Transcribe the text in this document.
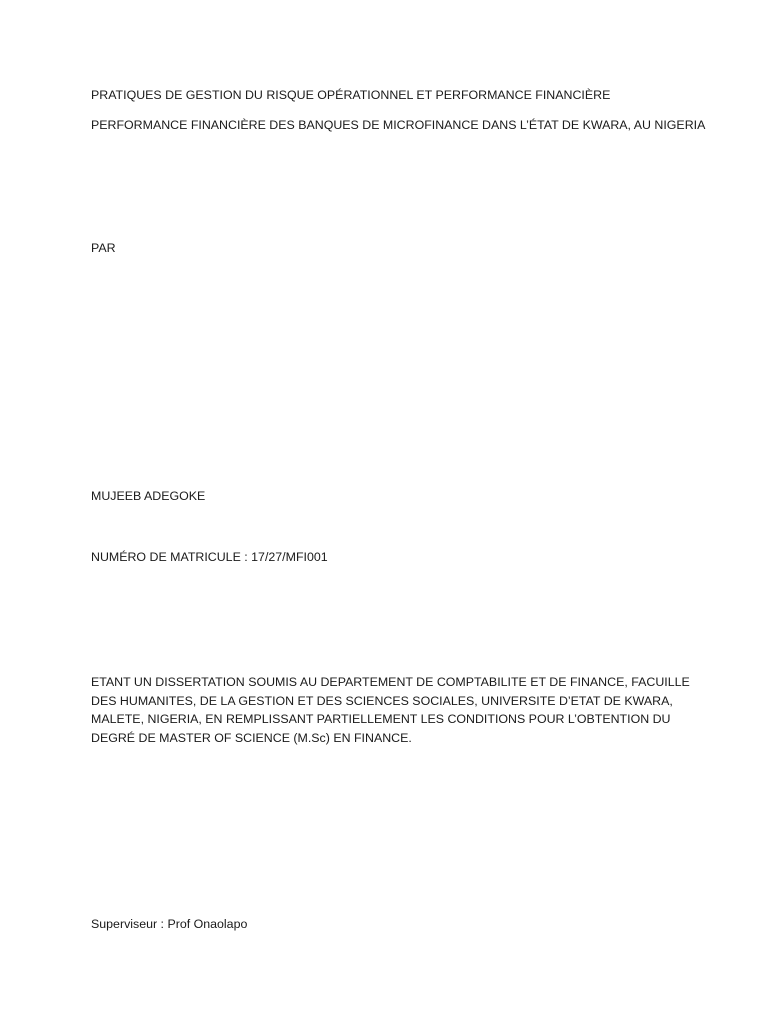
PRATIQUES DE GESTION DU RISQUE OPÉRATIONNEL ET PERFORMANCE FINANCIÈRE

PERFORMANCE FINANCIÈRE DES BANQUES DE MICROFINANCE DANS L’ÉTAT DE KWARA, AU NIGERIA

PAR

MUJEEB ADEGOKE

NUMÉRO DE MATRICULE : 17/27/MFI001

ETANT UN DISSERTATION SOUMIS AU DEPARTEMENT DE COMPTABILITE ET DE FINANCE, FACUILLE
DES HUMANITES, DE LA GESTION ET DES SCIENCES SOCIALES, UNIVERSITE D’ETAT DE KWARA,
MALETE, NIGERIA, EN REMPLISSANT PARTIELLEMENT LES CONDITIONS POUR L’OBTENTION DU
DEGRÉ DE MASTER OF SCIENCE (M.Sc) EN FINANCE.

Superviseur : Prof Onaolapo
